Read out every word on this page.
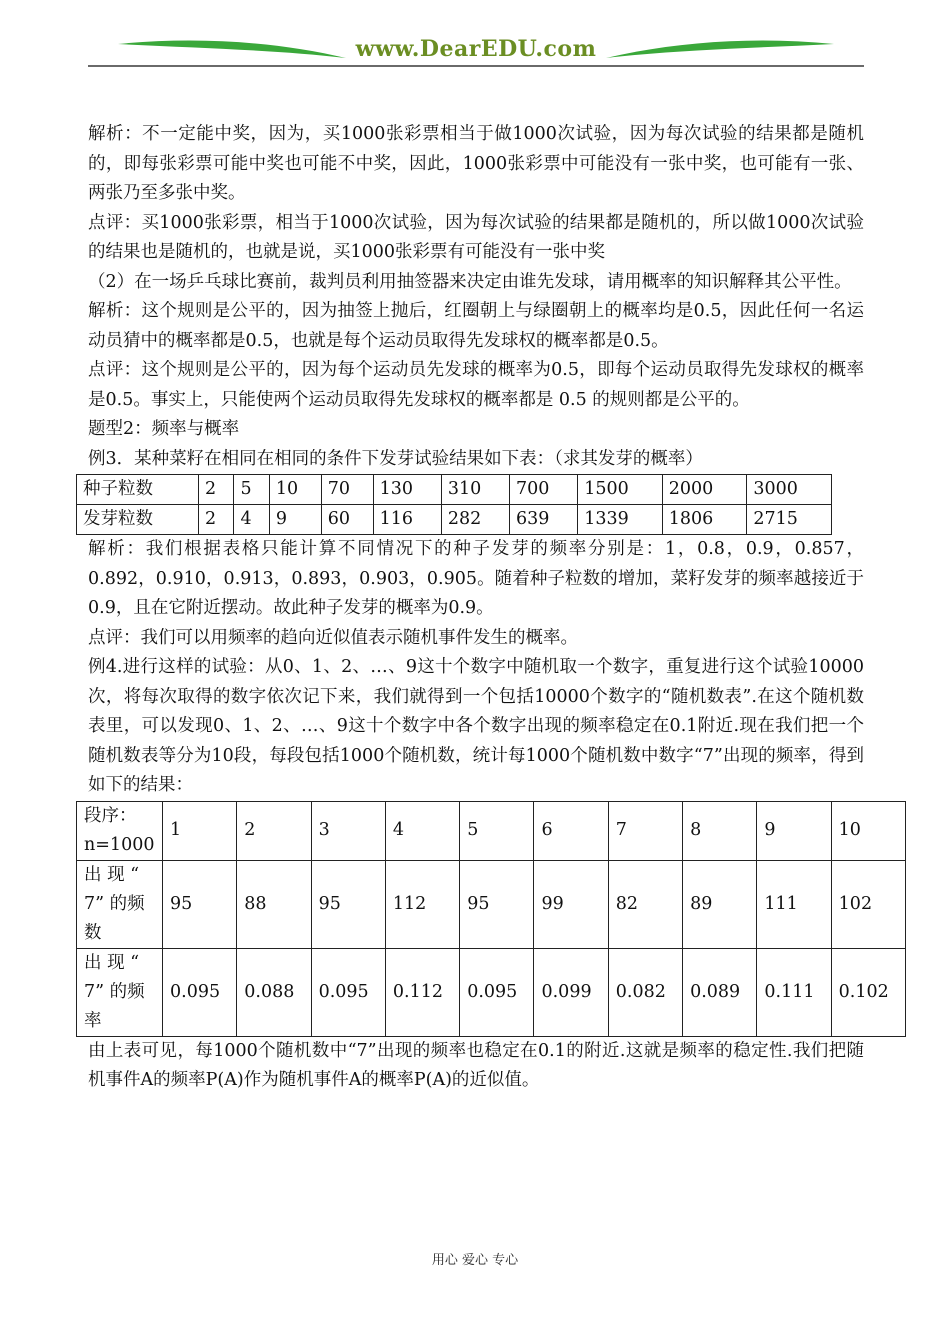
www.DearEDU.com

解析：不一定能中奖，因为，买1000张彩票相当于做1000次试验，因为每次试验的结果都是随机的，即每张彩票可能中奖也可能不中奖，因此，1000张彩票中可能没有一张中奖，也可能有一张、两张乃至多张中奖。

点评：买1000张彩票，相当于1000次试验，因为每次试验的结果都是随机的，所以做1000次试验的结果也是随机的，也就是说，买1000张彩票有可能没有一张中奖

（2）在一场乒乓球比赛前，裁判员利用抽签器来决定由谁先发球，请用概率的知识解释其公平性。

解析：这个规则是公平的，因为抽签上抛后，红圈朝上与绿圈朝上的概率均是0.5，因此任何一名运动员猜中的概率都是0.5，也就是每个运动员取得先发球权的概率都是0.5。

点评：这个规则是公平的，因为每个运动员先发球的概率为0.5，即每个运动员取得先发球权的概率是0.5。事实上，只能使两个运动员取得先发球权的概率都是 0.5 的规则都是公平的。

题型2：频率与概率

例3．某种菜籽在相同在相同的条件下发芽试验结果如下表：（求其发芽的概率）

种子粒数	2	5	10	70	130	310	700	1500	2000	3000
发芽粒数	2	4	9	60	116	282	639	1339	1806	2715

解析：我们根据表格只能计算不同情况下的种子发芽的频率分别是：1，0.8，0.9，0.857，0.892，0.910，0.913，0.893，0.903，0.905。随着种子粒数的增加，菜籽发芽的频率越接近于0.9，且在它附近摆动。故此种子发芽的概率为0.9。

点评：我们可以用频率的趋向近似值表示随机事件发生的概率。

例4.进行这样的试验：从0、1、2、…、9这十个数字中随机取一个数字，重复进行这个试验10000次，将每次取得的数字依次记下来，我们就得到一个包括10000个数字的“随机数表”.在这个随机数表里，可以发现0、1、2、…、9这十个数字中各个数字出现的频率稳定在0.1附近.现在我们把一个随机数表等分为10段，每段包括1000个随机数，统计每1000个随机数中数字“7”出现的频率，得到如下的结果：

段序：n=1000	1	2	3	4	5	6	7	8	9	10
出 现 “ 7” 的频数	95	88	95	112	95	99	82	89	111	102
出 现 “ 7” 的频率	0.095	0.088	0.095	0.112	0.095	0.099	0.082	0.089	0.111	0.102

由上表可见，每1000个随机数中“7”出现的频率也稳定在0.1的附近.这就是频率的稳定性.我们把随机事件A的频率P(A)作为随机事件A的概率P(A)的近似值。

用心 爱心 专心
